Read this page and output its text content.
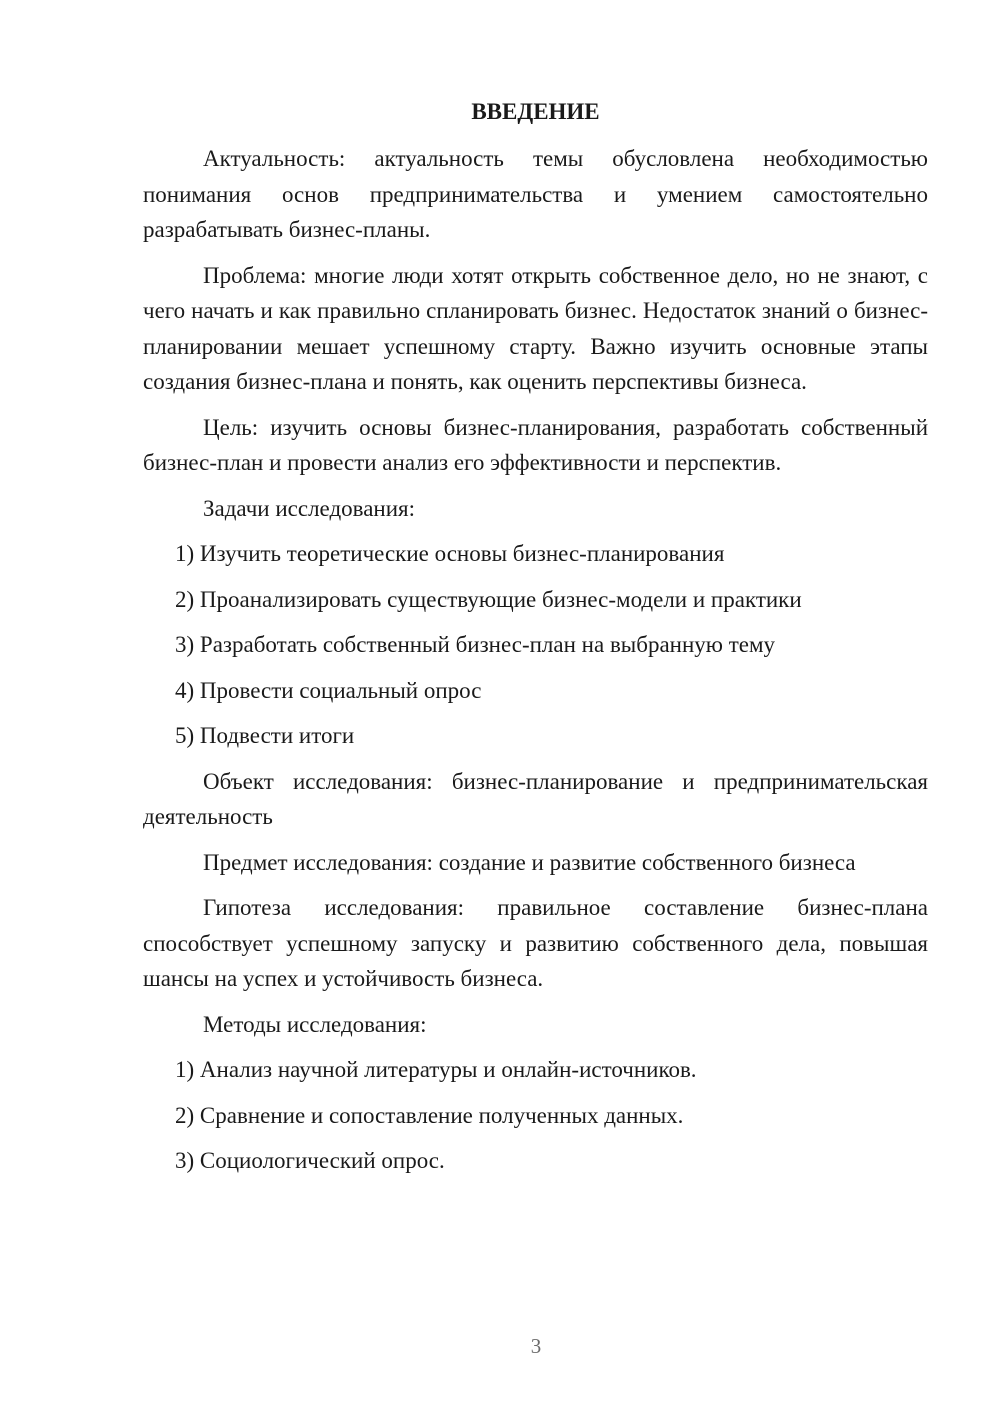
ВВЕДЕНИЕ

Актуальность: актуальность темы обусловлена необходимостью понимания основ предпринимательства и умением самостоятельно разрабатывать бизнес-планы.

Проблема: многие люди хотят открыть собственное дело, но не знают, с чего начать и как правильно спланировать бизнес. Недостаток знаний о бизнес-планировании мешает успешному старту. Важно изучить основные этапы создания бизнес-плана и понять, как оценить перспективы бизнеса.

Цель: изучить основы бизнес-планирования, разработать собственный бизнес-план и провести анализ его эффективности и перспектив.

Задачи исследования:

1) Изучить теоретические основы бизнес-планирования

2) Проанализировать существующие бизнес-модели и практики

3) Разработать собственный бизнес-план на выбранную тему

4) Провести социальный опрос

5) Подвести итоги

Объект исследования: бизнес-планирование и предпринимательская деятельность

Предмет исследования: создание и развитие собственного бизнеса

Гипотеза исследования: правильное составление бизнес-плана способствует успешному запуску и развитию собственного дела, повышая шансы на успех и устойчивость бизнеса.

Методы исследования:

1) Анализ научной литературы и онлайн-источников.

2) Сравнение и сопоставление полученных данных.

3) Социологический опрос.

3
